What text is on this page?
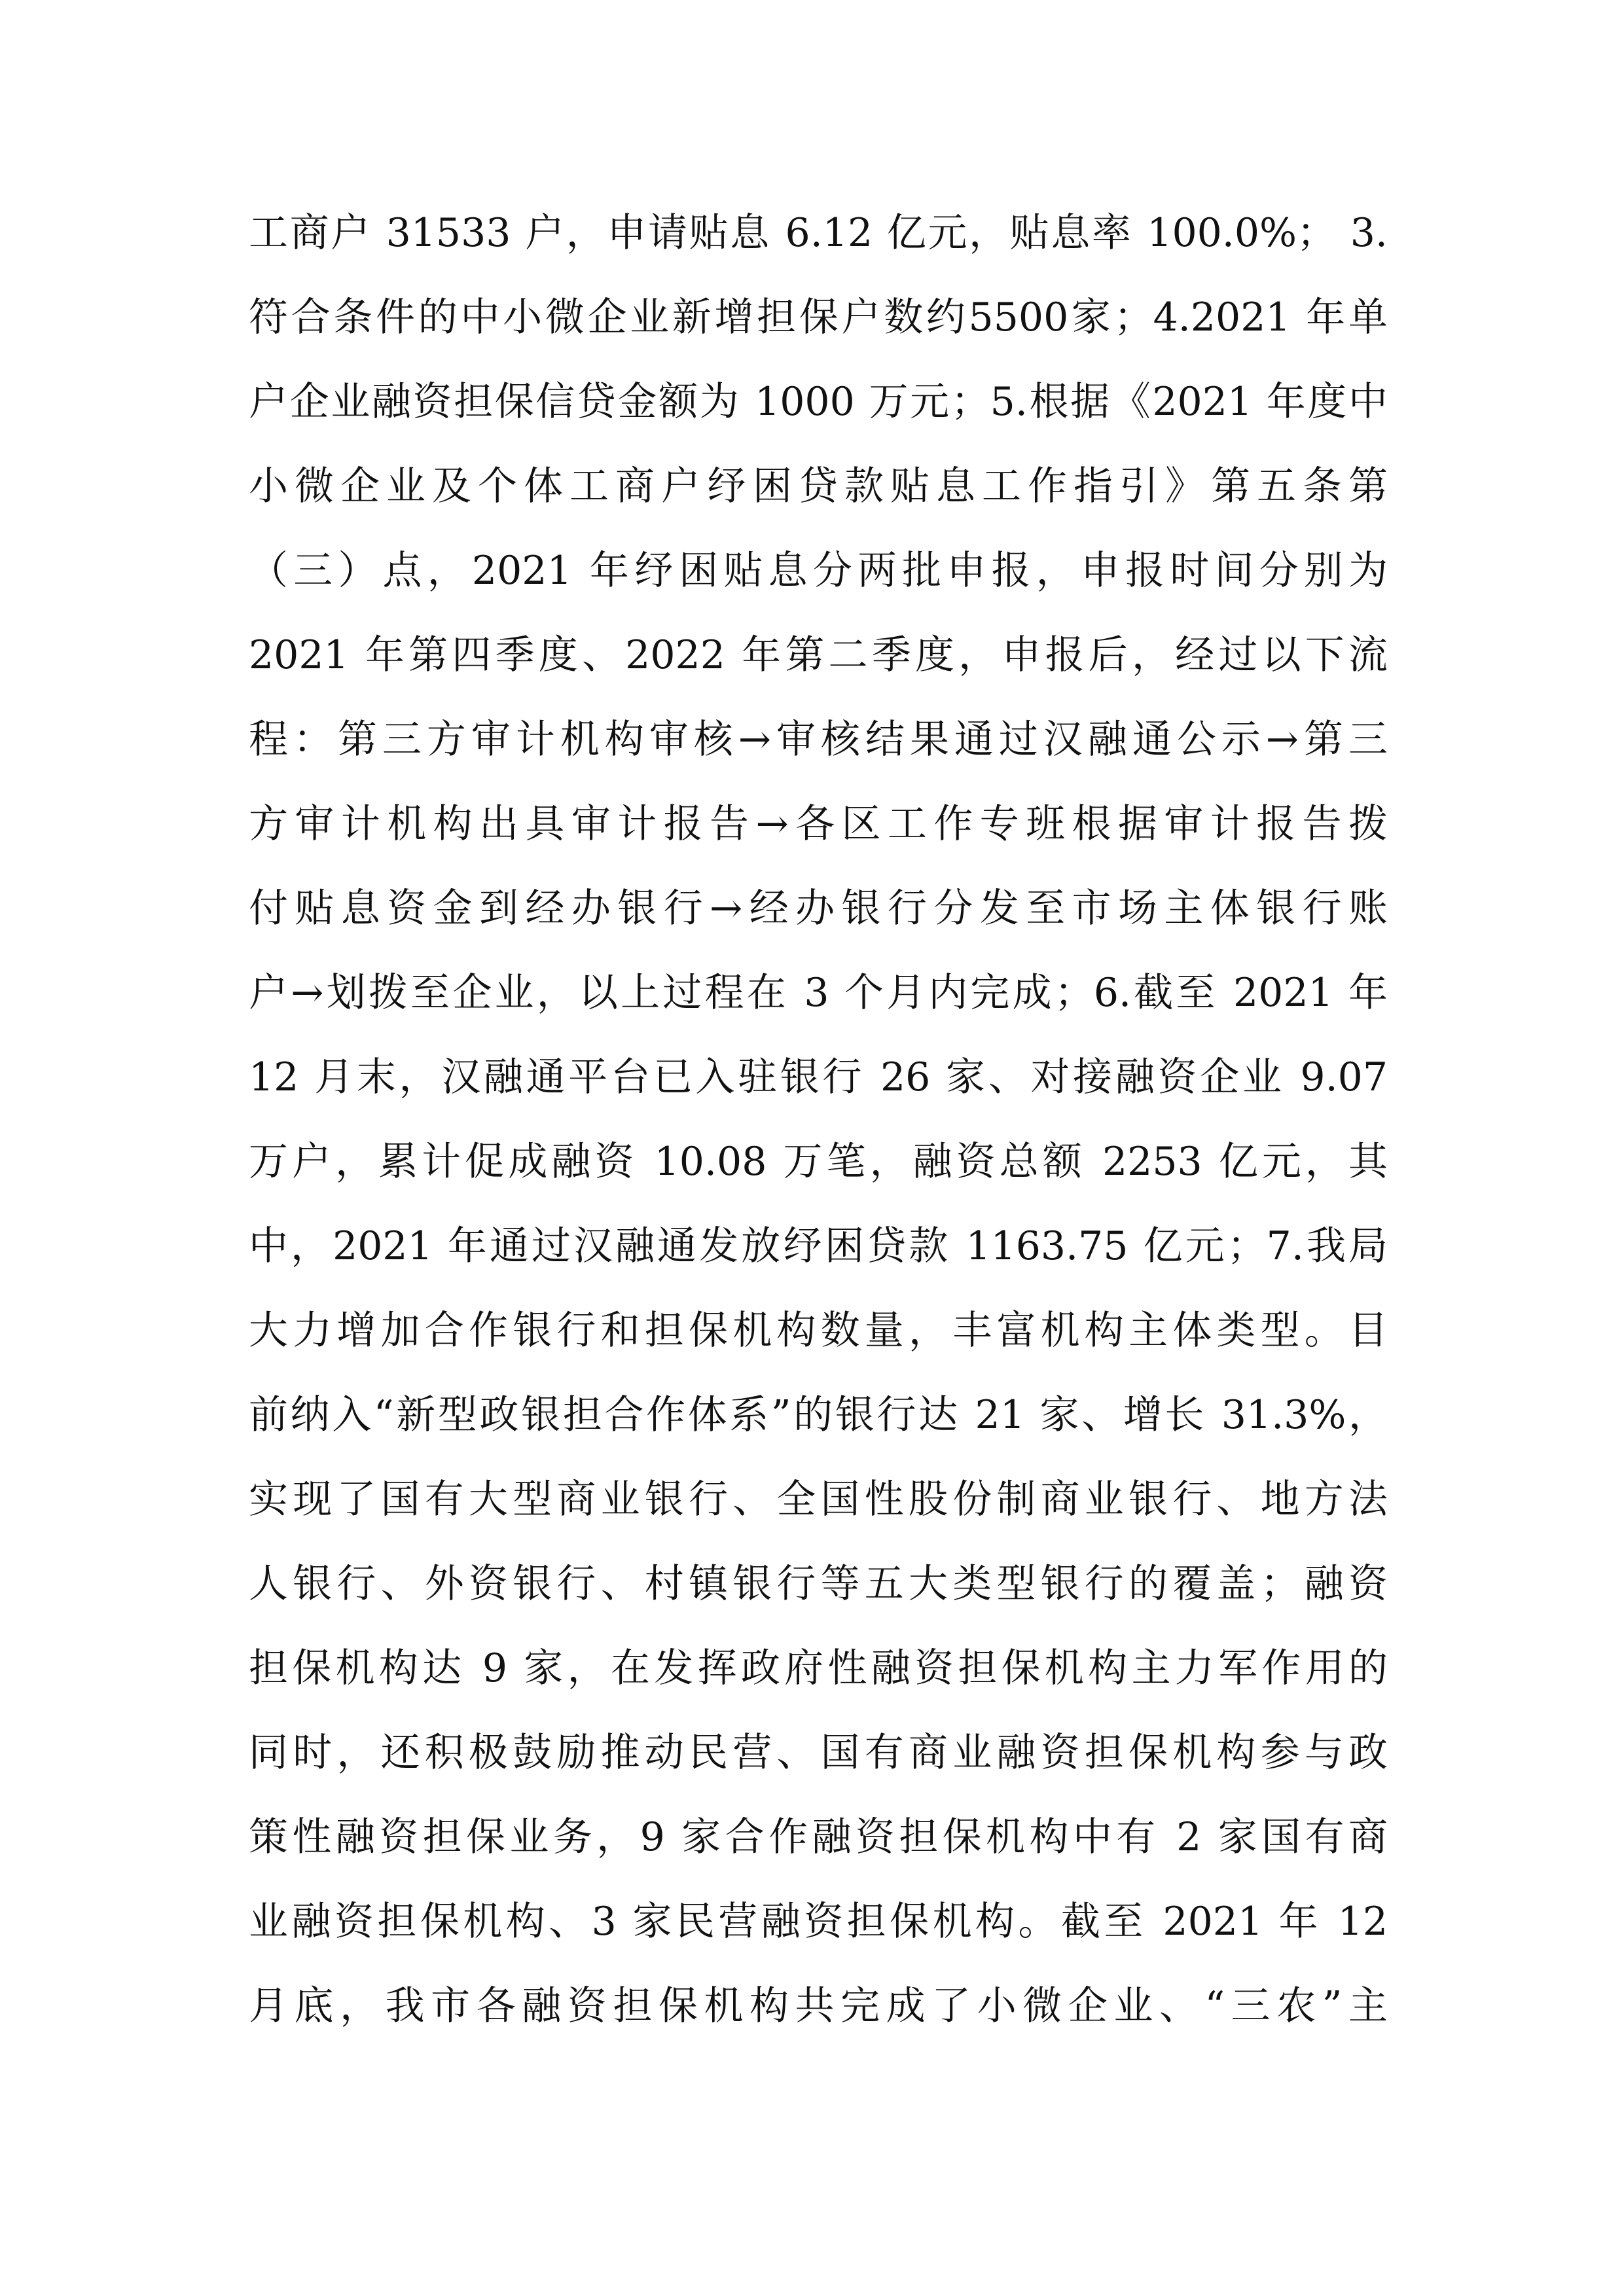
工商户 31533 户，申请贴息 6.12 亿元，贴息率 100.0%； 3.
符合条件的中小微企业新增担保户数约5500家；4.2021 年单
户企业融资担保信贷金额为 1000 万元；5.根据《2021 年度中
小微企业及个体工商户纾困贷款贴息工作指引》第五条第
（三）点，2021 年纾困贴息分两批申报，申报时间分别为
2021 年第四季度、2022 年第二季度，申报后，经过以下流
程：第三方审计机构审核→审核结果通过汉融通公示→第三
方审计机构出具审计报告→各区工作专班根据审计报告拨
付贴息资金到经办银行→经办银行分发至市场主体银行账
户→划拨至企业，以上过程在 3 个月内完成；6.截至 2021 年
12 月末，汉融通平台已入驻银行 26 家、对接融资企业 9.07
万户，累计促成融资 10.08 万笔，融资总额 2253 亿元，其
中，2021 年通过汉融通发放纾困贷款 1163.75 亿元；7.我局
大力增加合作银行和担保机构数量，丰富机构主体类型。目
前纳入“新型政银担合作体系”的银行达 21 家、增长 31.3%，
实现了国有大型商业银行、全国性股份制商业银行、地方法
人银行、外资银行、村镇银行等五大类型银行的覆盖；融资
担保机构达 9 家，在发挥政府性融资担保机构主力军作用的
同时，还积极鼓励推动民营、国有商业融资担保机构参与政
策性融资担保业务，9 家合作融资担保机构中有 2 家国有商
业融资担保机构、3 家民营融资担保机构。截至 2021 年 12
月底，我市各融资担保机构共完成了小微企业、“三农”主
